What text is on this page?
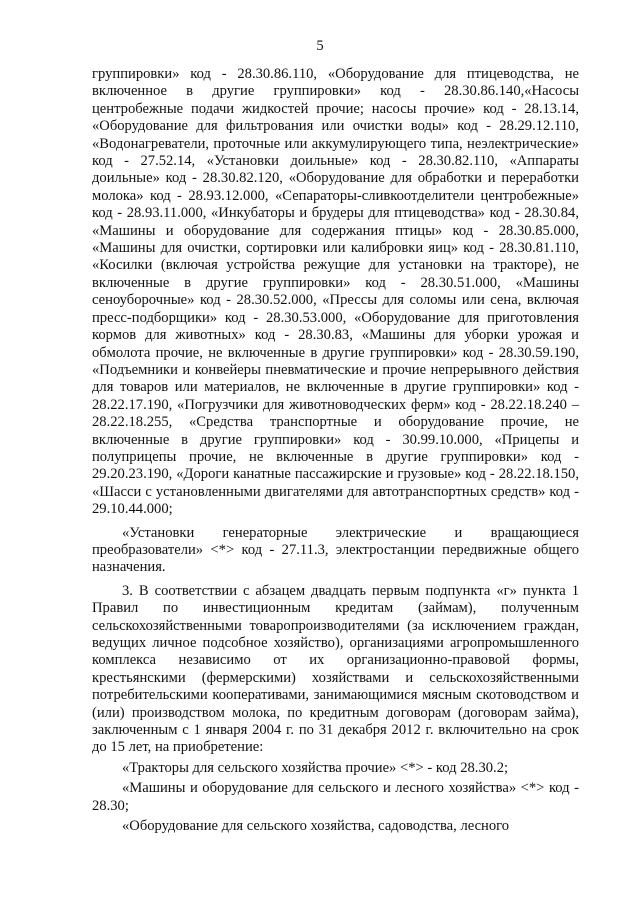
5

группировки» код - 28.30.86.110, «Оборудование для птицеводства, не включенное в другие группировки» код - 28.30.86.140,«Насосы центробежные подачи жидкостей прочие; насосы прочие» код - 28.13.14, «Оборудование для фильтрования или очистки воды» код - 28.29.12.110, «Водонагреватели, проточные или аккумулирующего типа, неэлектрические» код - 27.52.14, «Установки доильные» код - 28.30.82.110, «Аппараты доильные» код - 28.30.82.120, «Оборудование для обработки и переработки молока» код - 28.93.12.000, «Сепараторы-сливкоотделители центробежные» код - 28.93.11.000, «Инкубаторы и брудеры для птицеводства» код - 28.30.84, «Машины и оборудование для содержания птицы» код - 28.30.85.000, «Машины для очистки, сортировки или калибровки яиц» код - 28.30.81.110, «Косилки (включая устройства режущие для установки на тракторе), не включенные в другие группировки» код - 28.30.51.000, «Машины сеноуборочные» код - 28.30.52.000, «Прессы для соломы или сена, включая пресс-подборщики» код - 28.30.53.000, «Оборудование для приготовления кормов для животных» код - 28.30.83, «Машины для уборки урожая и обмолота прочие, не включенные в другие группировки» код - 28.30.59.190, «Подъемники и конвейеры пневматические и прочие непрерывного действия для товаров или материалов, не включенные в другие группировки» код - 28.22.17.190, «Погрузчики для животноводческих ферм» код - 28.22.18.240 – 28.22.18.255, «Средства транспортные и оборудование прочие, не включенные в другие группировки» код - 30.99.10.000, «Прицепы и полуприцепы прочие, не включенные в другие группировки» код - 29.20.23.190, «Дороги канатные пассажирские и грузовые» код - 28.22.18.150, «Шасси с установленными двигателями для автотранспортных средств» код - 29.10.44.000;

«Установки генераторные электрические и вращающиеся преобразователи» <*> код - 27.11.3, электростанции передвижные общего назначения.

3. В соответствии с абзацем двадцать первым подпункта «г» пункта 1 Правил по инвестиционным кредитам (займам), полученным сельскохозяйственными товаропроизводителями (за исключением граждан, ведущих личное подсобное хозяйство), организациями агропромышленного комплекса независимо от их организационно-правовой формы, крестьянскими (фермерскими) хозяйствами и сельскохозяйственными потребительскими кооперативами, занимающимися мясным скотоводством и (или) производством молока, по кредитным договорам (договорам займа), заключенным с 1 января 2004 г. по 31 декабря 2012 г. включительно на срок до 15 лет, на приобретение:

«Тракторы для сельского хозяйства прочие» <*> - код 28.30.2;

«Машины и оборудование для сельского и лесного хозяйства» <*> код - 28.30;

«Оборудование для сельского хозяйства, садоводства, лесного
